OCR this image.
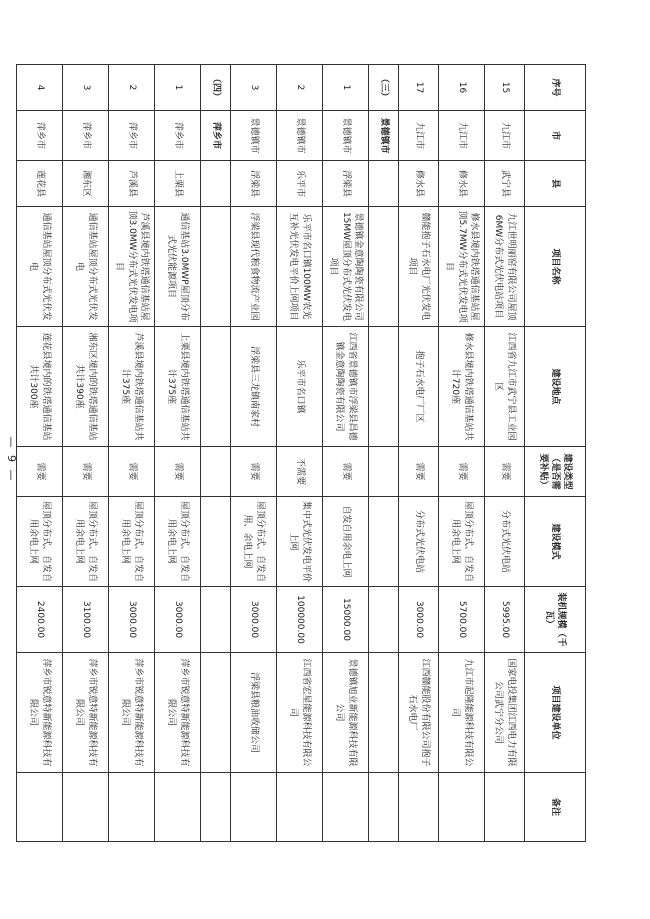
序号	市	县	项目名称	建设地点	建设类型（是否需要补贴）	建设模式	装机规模（千瓦）	项目建设单位	备注
15	九江市	武宁县	九江世明丽窑有限公司屋顶6MW分布式光伏电站项目	江西省九江市武宁县工业园区	需要	分布式光伏电站	5995.00	国家电投集团江西电力有限公司武宁分公司	
16	九江市	修水县	修水县境内铁塔通信基站屋顶5.7MW分布式光伏发电项目	修水县境内铁塔通信基站共计720座	需要	屋顶分布式、自发自用余电上网	5700.00	九江市起隆能源科技有限公司	
17	九江市	修水县	赣能抱子石水电厂光伏发电项目	抱子石水电厂厂区	需要	分布式光伏电站	3000.00	江西赣能股份有限公司抱子石水电厂	
（三）	景德镇市								
1	景德镇市	浮梁县	景德镇金意陶陶瓷有限公司15MW屋顶分布式光伏发电项目	江西省景德镇市浮梁县昌德镇金意陶陶瓷有限公司	需要	自发自用余电上网	15000.00	景德镇旭业新能源科技有限公司	
2	景德镇市	乐平市	乐平市名口镇100MW农光互补光伏发电平价上网项目	乐平市名口镇	不需要	集中式光伏发电平价上网	100000.00	江西省宏星能源科技有限公司	
3	景德镇市	浮梁县	浮梁县现代粮食物流产业园	浮梁县三龙镇南家村	需要	屋顶分布式、自发自用、余电上网	3000.00	浮梁县粮油收储公司	
（四）	萍乡市								
1	萍乡市	上栗县	通信基站3.0MWP屋顶分布式光伏能源项目	上栗县境内铁塔通信基站共计375座	需要	屋顶分布式、自发自用余电上网	3000.00	萍乡市锐意特新能源科技有限公司	
2	萍乡市	芦溪县	芦溪县境内铁塔通信基站屋顶3.0MW分布式光伏发电项目	芦溪县境内铁塔通信基站共计375座	需要	屋顶分布式、自发自用余电上网	3000.00	萍乡市锐意特新能源科技有限公司	
3	萍乡市	湘东区	通信基站屋顶分布式光伏发电	湘东区境内的铁塔通信基站共计390座	需要	屋顶分布式、自发自用余电上网	3100.00	萍乡市锐意特新能源科技有限公司	
4	萍乡市	莲花县	通信基站屋顶分布式光伏发电	莲花县境内的铁塔通信基站共计300座	需要	屋顶分布式、自发自用余电上网	2400.00	萍乡市锐意特新能源科技有限公司	
— 9 —
